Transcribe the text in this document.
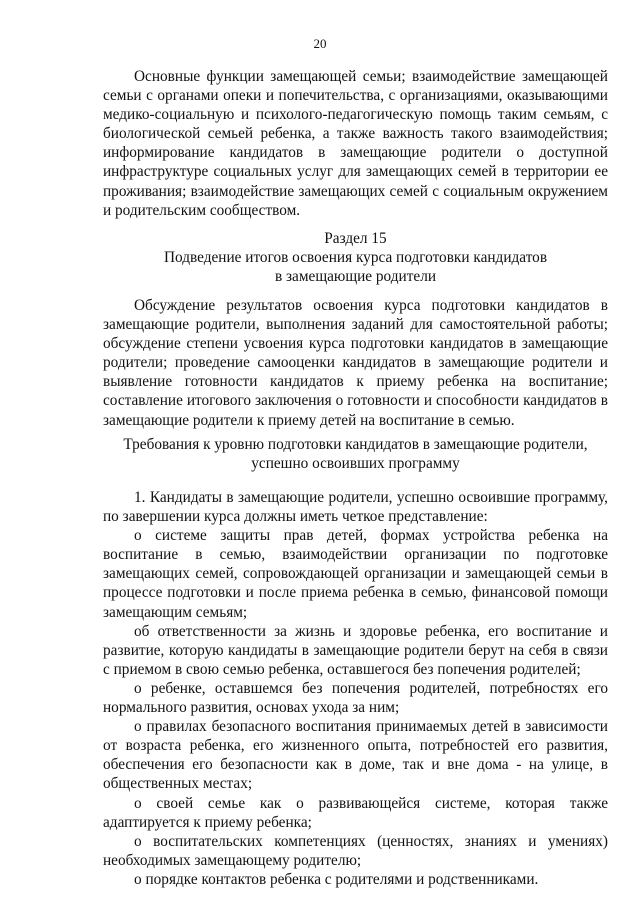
20

Основные функции замещающей семьи; взаимодействие замещающей семьи с органами опеки и попечительства, с организациями, оказывающими медико-социальную и психолого-педагогическую помощь таким семьям, с биологической семьей ребенка, а также важность такого взаимодействия; информирование кандидатов в замещающие родители о доступной инфраструктуре социальных услуг для замещающих семей в территории ее проживания; взаимодействие замещающих семей с социальным окружением и родительским сообществом.

Раздел 15

Подведение итогов освоения курса подготовки кандидатов

в замещающие родители

Обсуждение результатов освоения курса подготовки кандидатов в замещающие родители, выполнения заданий для самостоятельной работы; обсуждение степени усвоения курса подготовки кандидатов в замещающие родители; проведение самооценки кандидатов в замещающие родители и выявление готовности кандидатов к приему ребенка на воспитание; составление итогового заключения о готовности и способности кандидатов в замещающие родители к приему детей на воспитание в семью.

Требования к уровню подготовки кандидатов в замещающие родители,

успешно освоивших программу

1. Кандидаты в замещающие родители, успешно освоившие программу, по завершении курса должны иметь четкое представление:

о системе защиты прав детей, формах устройства ребенка на воспитание в семью, взаимодействии организации по подготовке замещающих семей, сопровождающей организации и замещающей семьи в процессе подготовки и после приема ребенка в семью, финансовой помощи замещающим семьям;

об ответственности за жизнь и здоровье ребенка, его воспитание и развитие, которую кандидаты в замещающие родители берут на себя в связи с приемом в свою семью ребенка, оставшегося без попечения родителей;

о ребенке, оставшемся без попечения родителей, потребностях его нормального развития, основах ухода за ним;

о правилах безопасного воспитания принимаемых детей в зависимости от возраста ребенка, его жизненного опыта, потребностей его развития, обеспечения его безопасности как в доме, так и вне дома - на улице, в общественных местах;

о своей семье как о развивающейся системе, которая также адаптируется к приему ребенка;

о воспитательских компетенциях (ценностях, знаниях и умениях) необходимых замещающему родителю;

о порядке контактов ребенка с родителями и родственниками.
